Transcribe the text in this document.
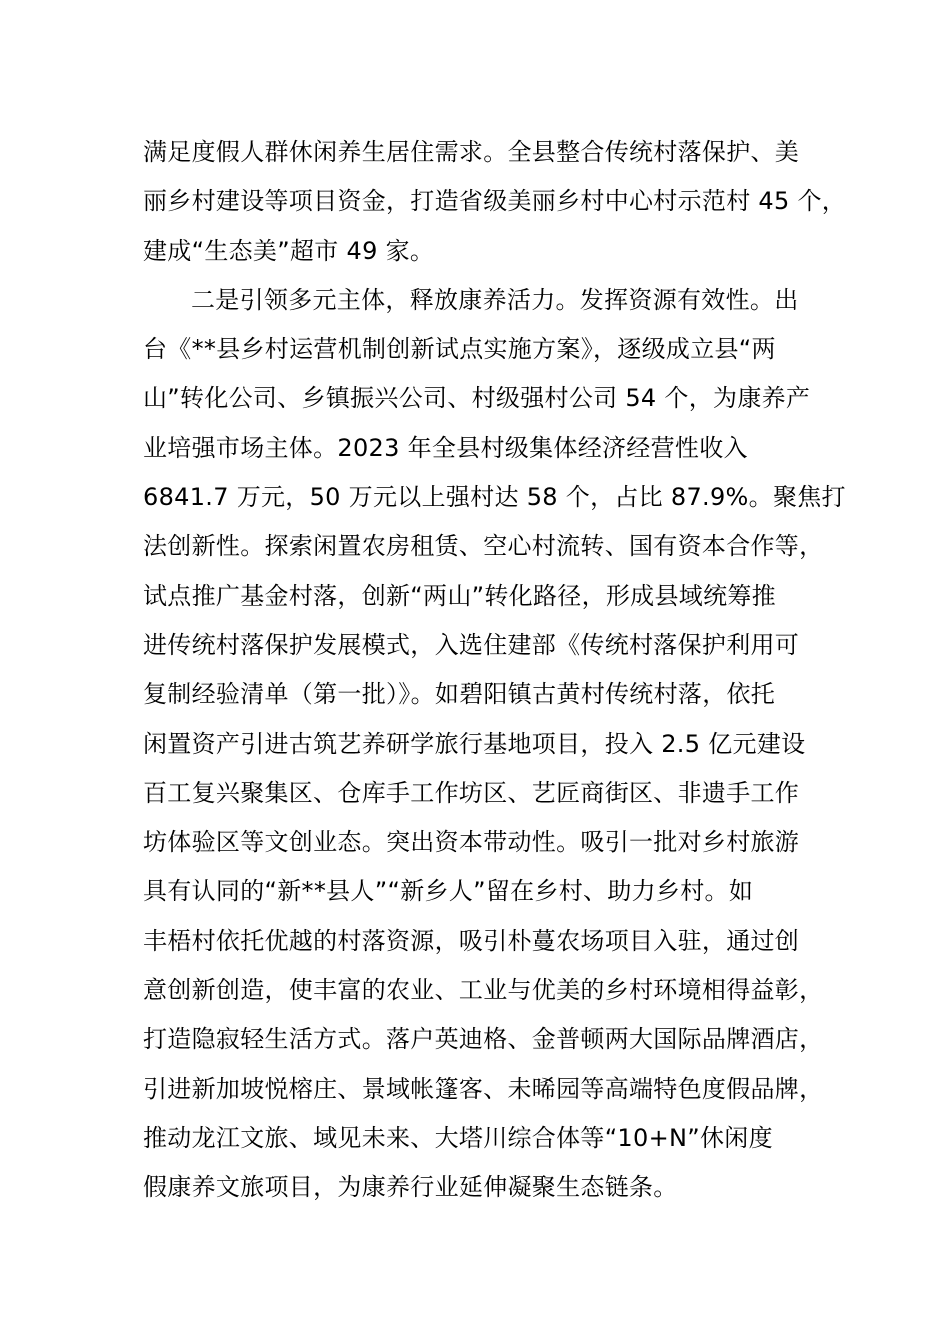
满足度假人群休闲养生居住需求。全县整合传统村落保护、美
丽乡村建设等项目资金，打造省级美丽乡村中心村示范村 45 个，
建成“生态美”超市 49 家。
二是引领多元主体，释放康养活力。发挥资源有效性。出
台《**县乡村运营机制创新试点实施方案》，逐级成立县“两
山”转化公司、乡镇振兴公司、村级强村公司 54 个，为康养产
业培强市场主体。2023 年全县村级集体经济经营性收入
6841.7 万元，50 万元以上强村达 58 个，占比 87.9%。聚焦打
法创新性。探索闲置农房租赁、空心村流转、国有资本合作等，
试点推广基金村落，创新“两山”转化路径，形成县域统筹推
进传统村落保护发展模式，入选住建部《传统村落保护利用可
复制经验清单（第一批）》。如碧阳镇古黄村传统村落，依托
闲置资产引进古筑艺养研学旅行基地项目，投入 2.5 亿元建设
百工复兴聚集区、仓库手工作坊区、艺匠商街区、非遗手工作
坊体验区等文创业态。突出资本带动性。吸引一批对乡村旅游
具有认同的“新**县人”“新乡人”留在乡村、助力乡村。如
丰梧村依托优越的村落资源，吸引朴蔓农场项目入驻，通过创
意创新创造，使丰富的农业、工业与优美的乡村环境相得益彰，
打造隐寂轻生活方式。落户英迪格、金普顿两大国际品牌酒店，
引进新加坡悦榕庄、景域帐篷客、未晞园等高端特色度假品牌，
推动龙江文旅、域见未来、大塔川综合体等“10+N”休闲度
假康养文旅项目，为康养行业延伸凝聚生态链条。
